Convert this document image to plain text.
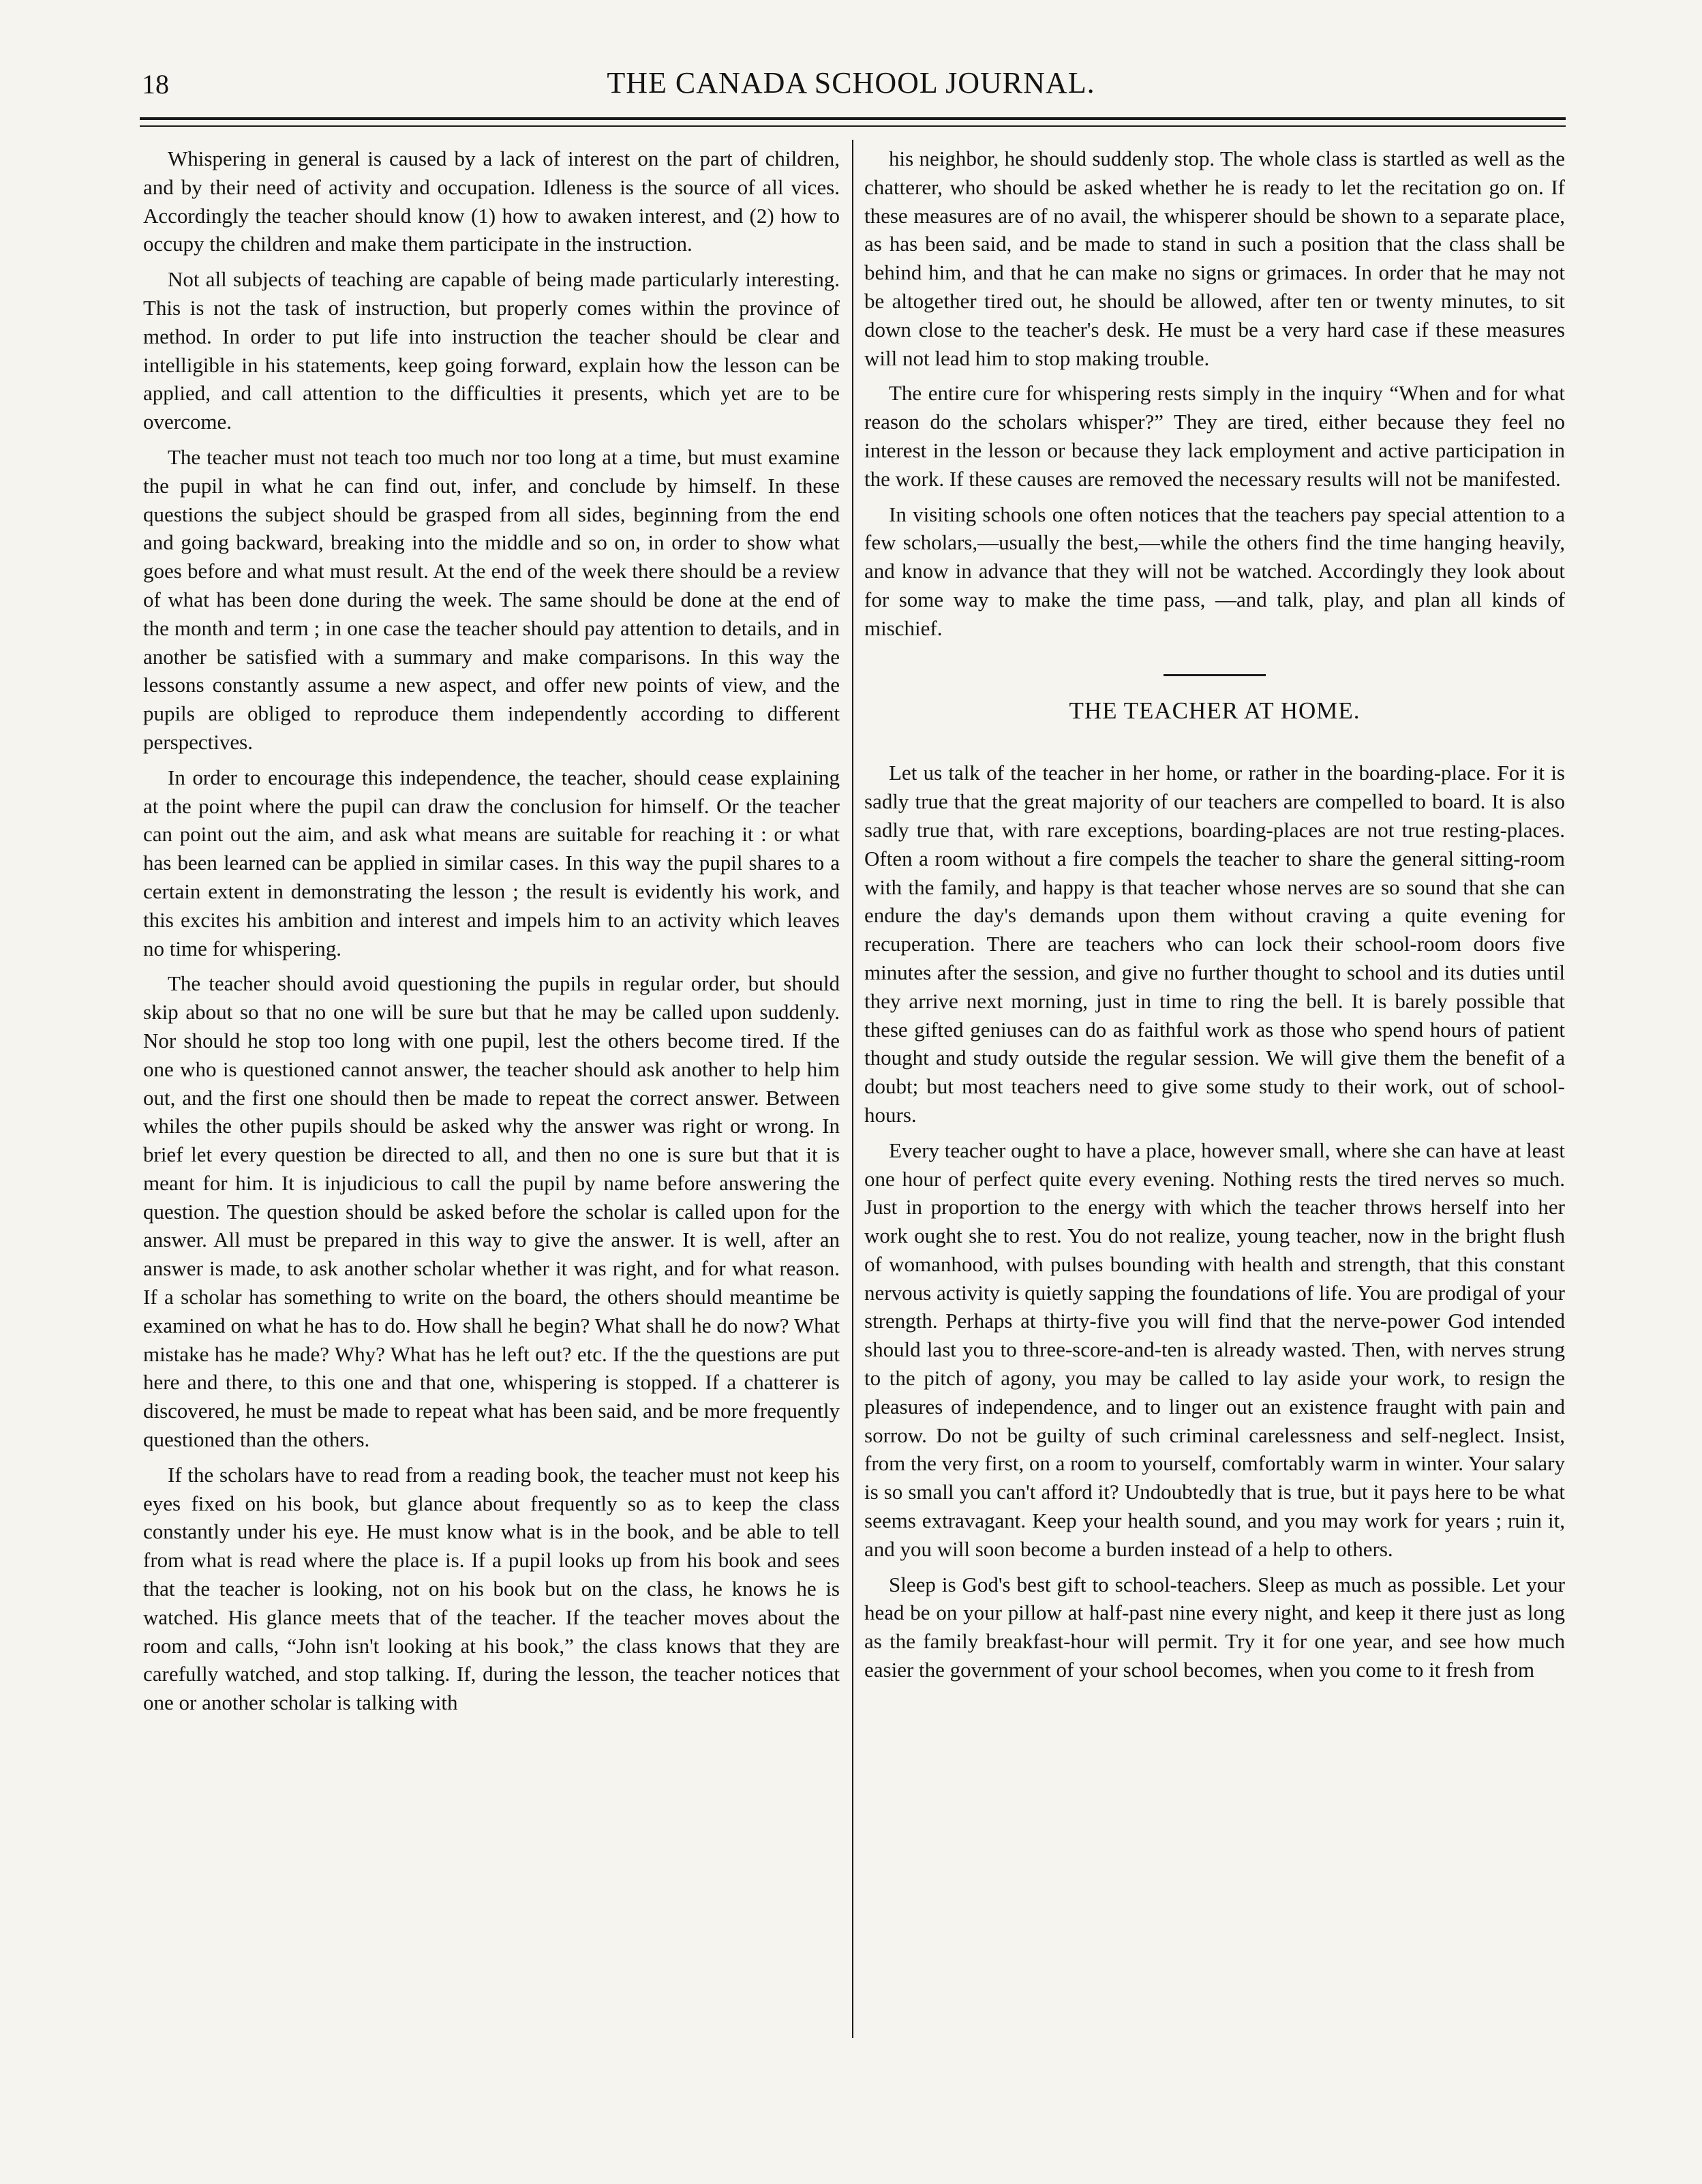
18	THE CANADA SCHOOL JOURNAL.

Whispering in general is caused by a lack of interest on the part of children, and by their need of activity and occupation. Idleness is the source of all vices. Accordingly the teacher should know (1) how to awaken interest, and (2) how to occupy the children and make them participate in the instruction.

Not all subjects of teaching are capable of being made particularly interesting. This is not the task of instruction, but properly comes within the province of method. In order to put life into instruction the teacher should be clear and intelligible in his statements, keep going forward, explain how the lesson can be applied, and call attention to the difficulties it presents, which yet are to be overcome.

The teacher must not teach too much nor too long at a time, but must examine the pupil in what he can find out, infer, and conclude by himself. In these questions the subject should be grasped from all sides, beginning from the end and going backward, breaking into the middle and so on, in order to show what goes before and what must result. At the end of the week there should be a review of what has been done during the week. The same should be done at the end of the month and term ; in one case the teacher should pay attention to details, and in another be satisfied with a summary and make comparisons. In this way the lessons constantly assume a new aspect, and offer new points of view, and the pupils are obliged to reproduce them independently according to different perspectives.

In order to encourage this independence, the teacher, should cease explaining at the point where the pupil can draw the conclusion for himself. Or the teacher can point out the aim, and ask what means are suitable for reaching it : or what has been learned can be applied in similar cases. In this way the pupil shares to a certain extent in demonstrating the lesson ; the result is evidently his work, and this excites his ambition and interest and impels him to an activity which leaves no time for whispering.

The teacher should avoid questioning the pupils in regular order, but should skip about so that no one will be sure but that he may be called upon suddenly. Nor should he stop too long with one pupil, lest the others become tired. If the one who is questioned cannot answer, the teacher should ask another to help him out, and the first one should then be made to repeat the correct answer. Between whiles the other pupils should be asked why the answer was right or wrong. In brief let every question be directed to all, and then no one is sure but that it is meant for him. It is injudicious to call the pupil by name before answering the question. The question should be asked before the scholar is called upon for the answer. All must be prepared in this way to give the answer. It is well, after an answer is made, to ask another scholar whether it was right, and for what reason. If a scholar has something to write on the board, the others should meantime be examined on what he has to do. How shall he begin? What shall he do now? What mistake has he made? Why? What has he left out? etc. If the the questions are put here and there, to this one and that one, whispering is stopped. If a chatterer is discovered, he must be made to repeat what has been said, and be more frequently questioned than the others.

If the scholars have to read from a reading book, the teacher must not keep his eyes fixed on his book, but glance about frequently so as to keep the class constantly under his eye. He must know what is in the book, and be able to tell from what is read where the place is. If a pupil looks up from his book and sees that the teacher is looking, not on his book but on the class, he knows he is watched. His glance meets that of the teacher. If the teacher moves about the room and calls, “John isn't looking at his book,” the class knows that they are carefully watched, and stop talking. If, during the lesson, the teacher notices that one or another scholar is talking with

his neighbor, he should suddenly stop. The whole class is startled as well as the chatterer, who should be asked whether he is ready to let the recitation go on. If these measures are of no avail, the whisperer should be shown to a separate place, as has been said, and be made to stand in such a position that the class shall be behind him, and that he can make no signs or grimaces. In order that he may not be altogether tired out, he should be allowed, after ten or twenty minutes, to sit down close to the teacher's desk. He must be a very hard case if these measures will not lead him to stop making trouble.

The entire cure for whispering rests simply in the inquiry “When and for what reason do the scholars whisper?” They are tired, either because they feel no interest in the lesson or because they lack employment and active participation in the work. If these causes are removed the necessary results will not be manifested.

In visiting schools one often notices that the teachers pay special attention to a few scholars,—usually the best,—while the others find the time hanging heavily, and know in advance that they will not be watched. Accordingly they look about for some way to make the time pass, —and talk, play, and plan all kinds of mischief.

THE TEACHER AT HOME.

Let us talk of the teacher in her home, or rather in the boarding-place. For it is sadly true that the great majority of our teachers are compelled to board. It is also sadly true that, with rare exceptions, boarding-places are not true resting-places. Often a room without a fire compels the teacher to share the general sitting-room with the family, and happy is that teacher whose nerves are so sound that she can endure the day's demands upon them without craving a quite evening for recuperation. There are teachers who can lock their school-room doors five minutes after the session, and give no further thought to school and its duties until they arrive next morning, just in time to ring the bell. It is barely possible that these gifted geniuses can do as faithful work as those who spend hours of patient thought and study outside the regular session. We will give them the benefit of a doubt; but most teachers need to give some study to their work, out of school-hours.

Every teacher ought to have a place, however small, where she can have at least one hour of perfect quite every evening. Nothing rests the tired nerves so much. Just in proportion to the energy with which the teacher throws herself into her work ought she to rest. You do not realize, young teacher, now in the bright flush of womanhood, with pulses bounding with health and strength, that this constant nervous activity is quietly sapping the foundations of life. You are prodigal of your strength. Perhaps at thirty-five you will find that the nerve-power God intended should last you to three-score-and-ten is already wasted. Then, with nerves strung to the pitch of agony, you may be called to lay aside your work, to resign the pleasures of independence, and to linger out an existence fraught with pain and sorrow. Do not be guilty of such criminal carelessness and self-neglect. Insist, from the very first, on a room to yourself, comfortably warm in winter. Your salary is so small you can't afford it? Undoubtedly that is true, but it pays here to be what seems extravagant. Keep your health sound, and you may work for years ; ruin it, and you will soon become a burden instead of a help to others.

Sleep is God's best gift to school-teachers. Sleep as much as possible. Let your head be on your pillow at half-past nine every night, and keep it there just as long as the family breakfast-hour will permit. Try it for one year, and see how much easier the government of your school becomes, when you come to it fresh from
